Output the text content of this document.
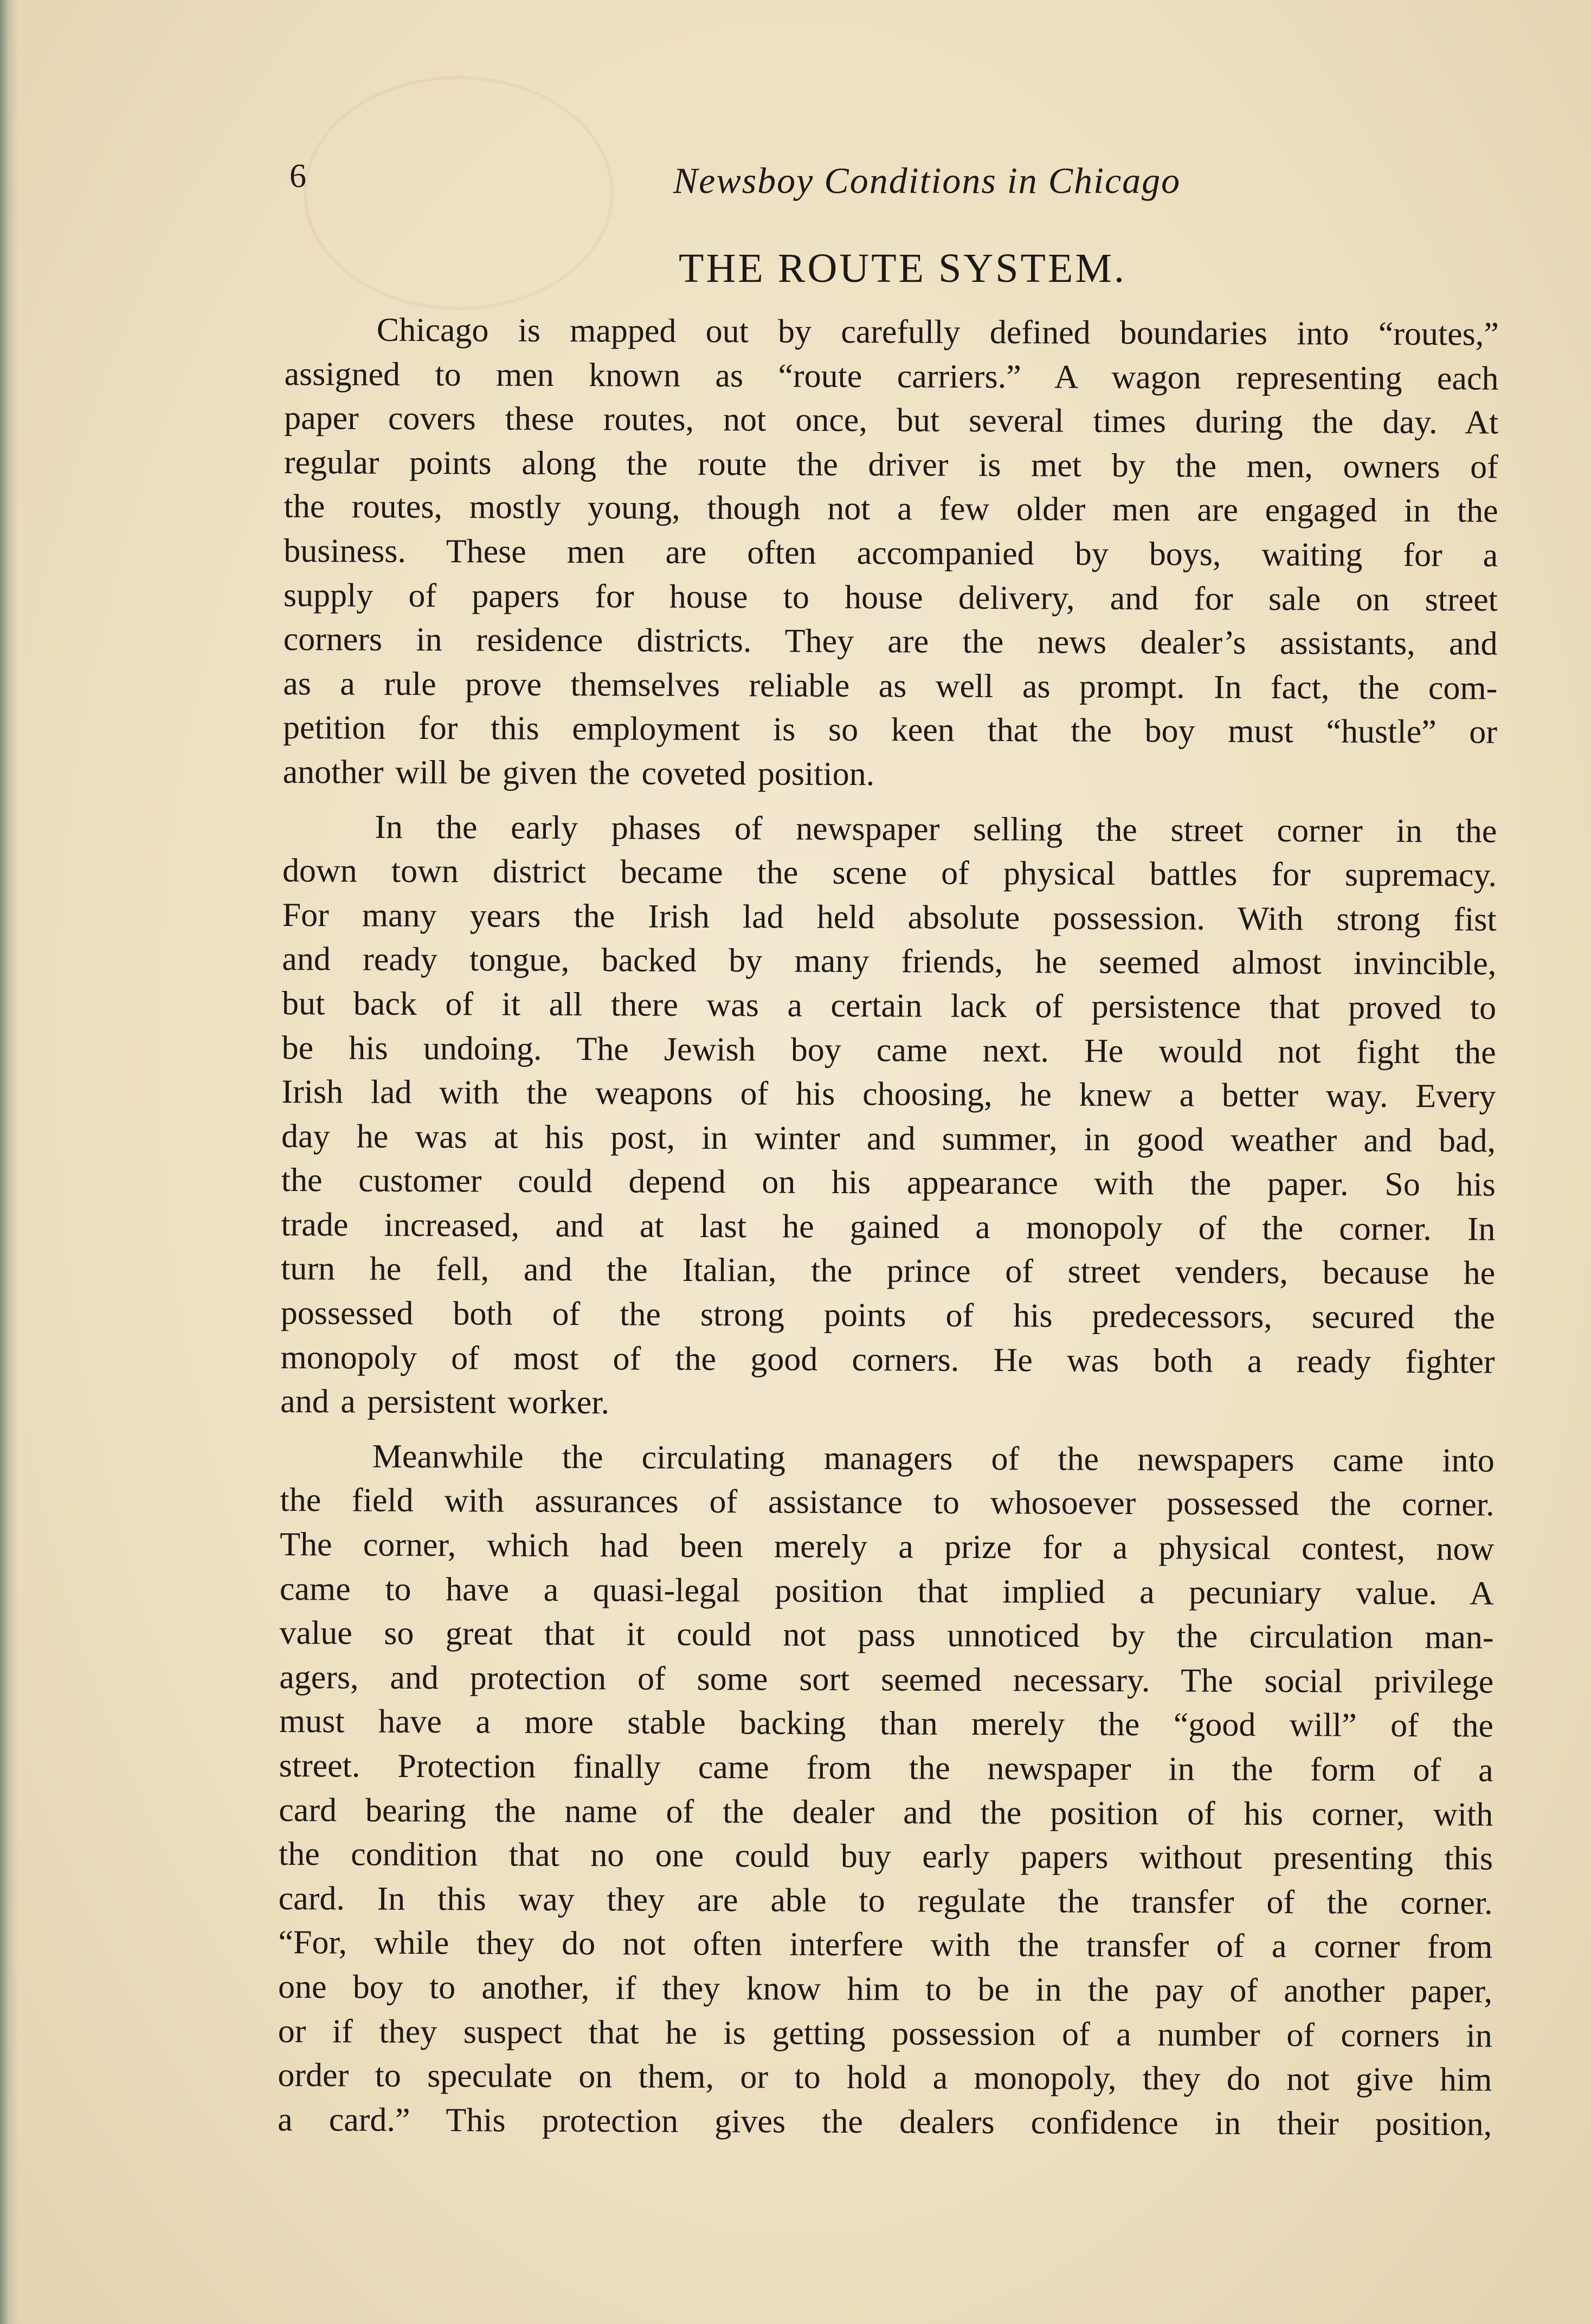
6	Newsboy Conditions in Chicago
THE ROUTE SYSTEM.
Chicago is mapped out by carefully defined boundaries into “routes,”
assigned to men known as “route carriers.” A wagon representing each
paper covers these routes, not once, but several times during the day. At
regular points along the route the driver is met by the men, owners of
the routes, mostly young, though not a few older men are engaged in the
business. These men are often accompanied by boys, waiting for a
supply of papers for house to house delivery, and for sale on street
corners in residence districts. They are the news dealer’s assistants, and
as a rule prove themselves reliable as well as prompt. In fact, the com-
petition for this employment is so keen that the boy must “hustle” or
another will be given the coveted position.
In the early phases of newspaper selling the street corner in the
down town district became the scene of physical battles for supremacy.
For many years the Irish lad held absolute possession. With strong fist
and ready tongue, backed by many friends, he seemed almost invincible,
but back of it all there was a certain lack of persistence that proved to
be his undoing. The Jewish boy came next. He would not fight the
Irish lad with the weapons of his choosing, he knew a better way. Every
day he was at his post, in winter and summer, in good weather and bad,
the customer could depend on his appearance with the paper. So his
trade increased, and at last he gained a monopoly of the corner. In
turn he fell, and the Italian, the prince of street venders, because he
possessed both of the strong points of his predecessors, secured the
monopoly of most of the good corners. He was both a ready fighter
and a persistent worker.
Meanwhile the circulating managers of the newspapers came into
the field with assurances of assistance to whosoever possessed the corner.
The corner, which had been merely a prize for a physical contest, now
came to have a quasi-legal position that implied a pecuniary value. A
value so great that it could not pass unnoticed by the circulation man-
agers, and protection of some sort seemed necessary. The social privilege
must have a more stable backing than merely the “good will” of the
street. Protection finally came from the newspaper in the form of a
card bearing the name of the dealer and the position of his corner, with
the condition that no one could buy early papers without presenting this
card. In this way they are able to regulate the transfer of the corner.
“For, while they do not often interfere with the transfer of a corner from
one boy to another, if they know him to be in the pay of another paper,
or if they suspect that he is getting possession of a number of corners in
order to speculate on them, or to hold a monopoly, they do not give him
a card.” This protection gives the dealers confidence in their position,
